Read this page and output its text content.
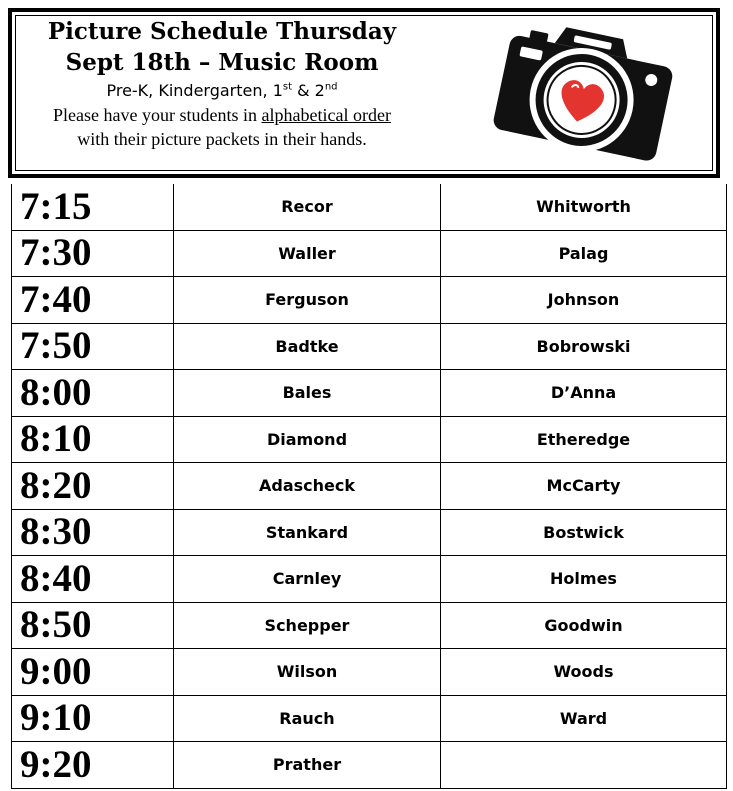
Picture Schedule Thursday
Sept 18th – Music Room
Pre-K, Kindergarten, 1st & 2nd
Please have your students in alphabetical order
with their picture packets in their hands.
7:15	Recor	Whitworth
7:30	Waller	Palag
7:40	Ferguson	Johnson
7:50	Badtke	Bobrowski
8:00	Bales	D’Anna
8:10	Diamond	Etheredge
8:20	Adascheck	McCarty
8:30	Stankard	Bostwick
8:40	Carnley	Holmes
8:50	Schepper	Goodwin
9:00	Wilson	Woods
9:10	Rauch	Ward
9:20	Prather	
